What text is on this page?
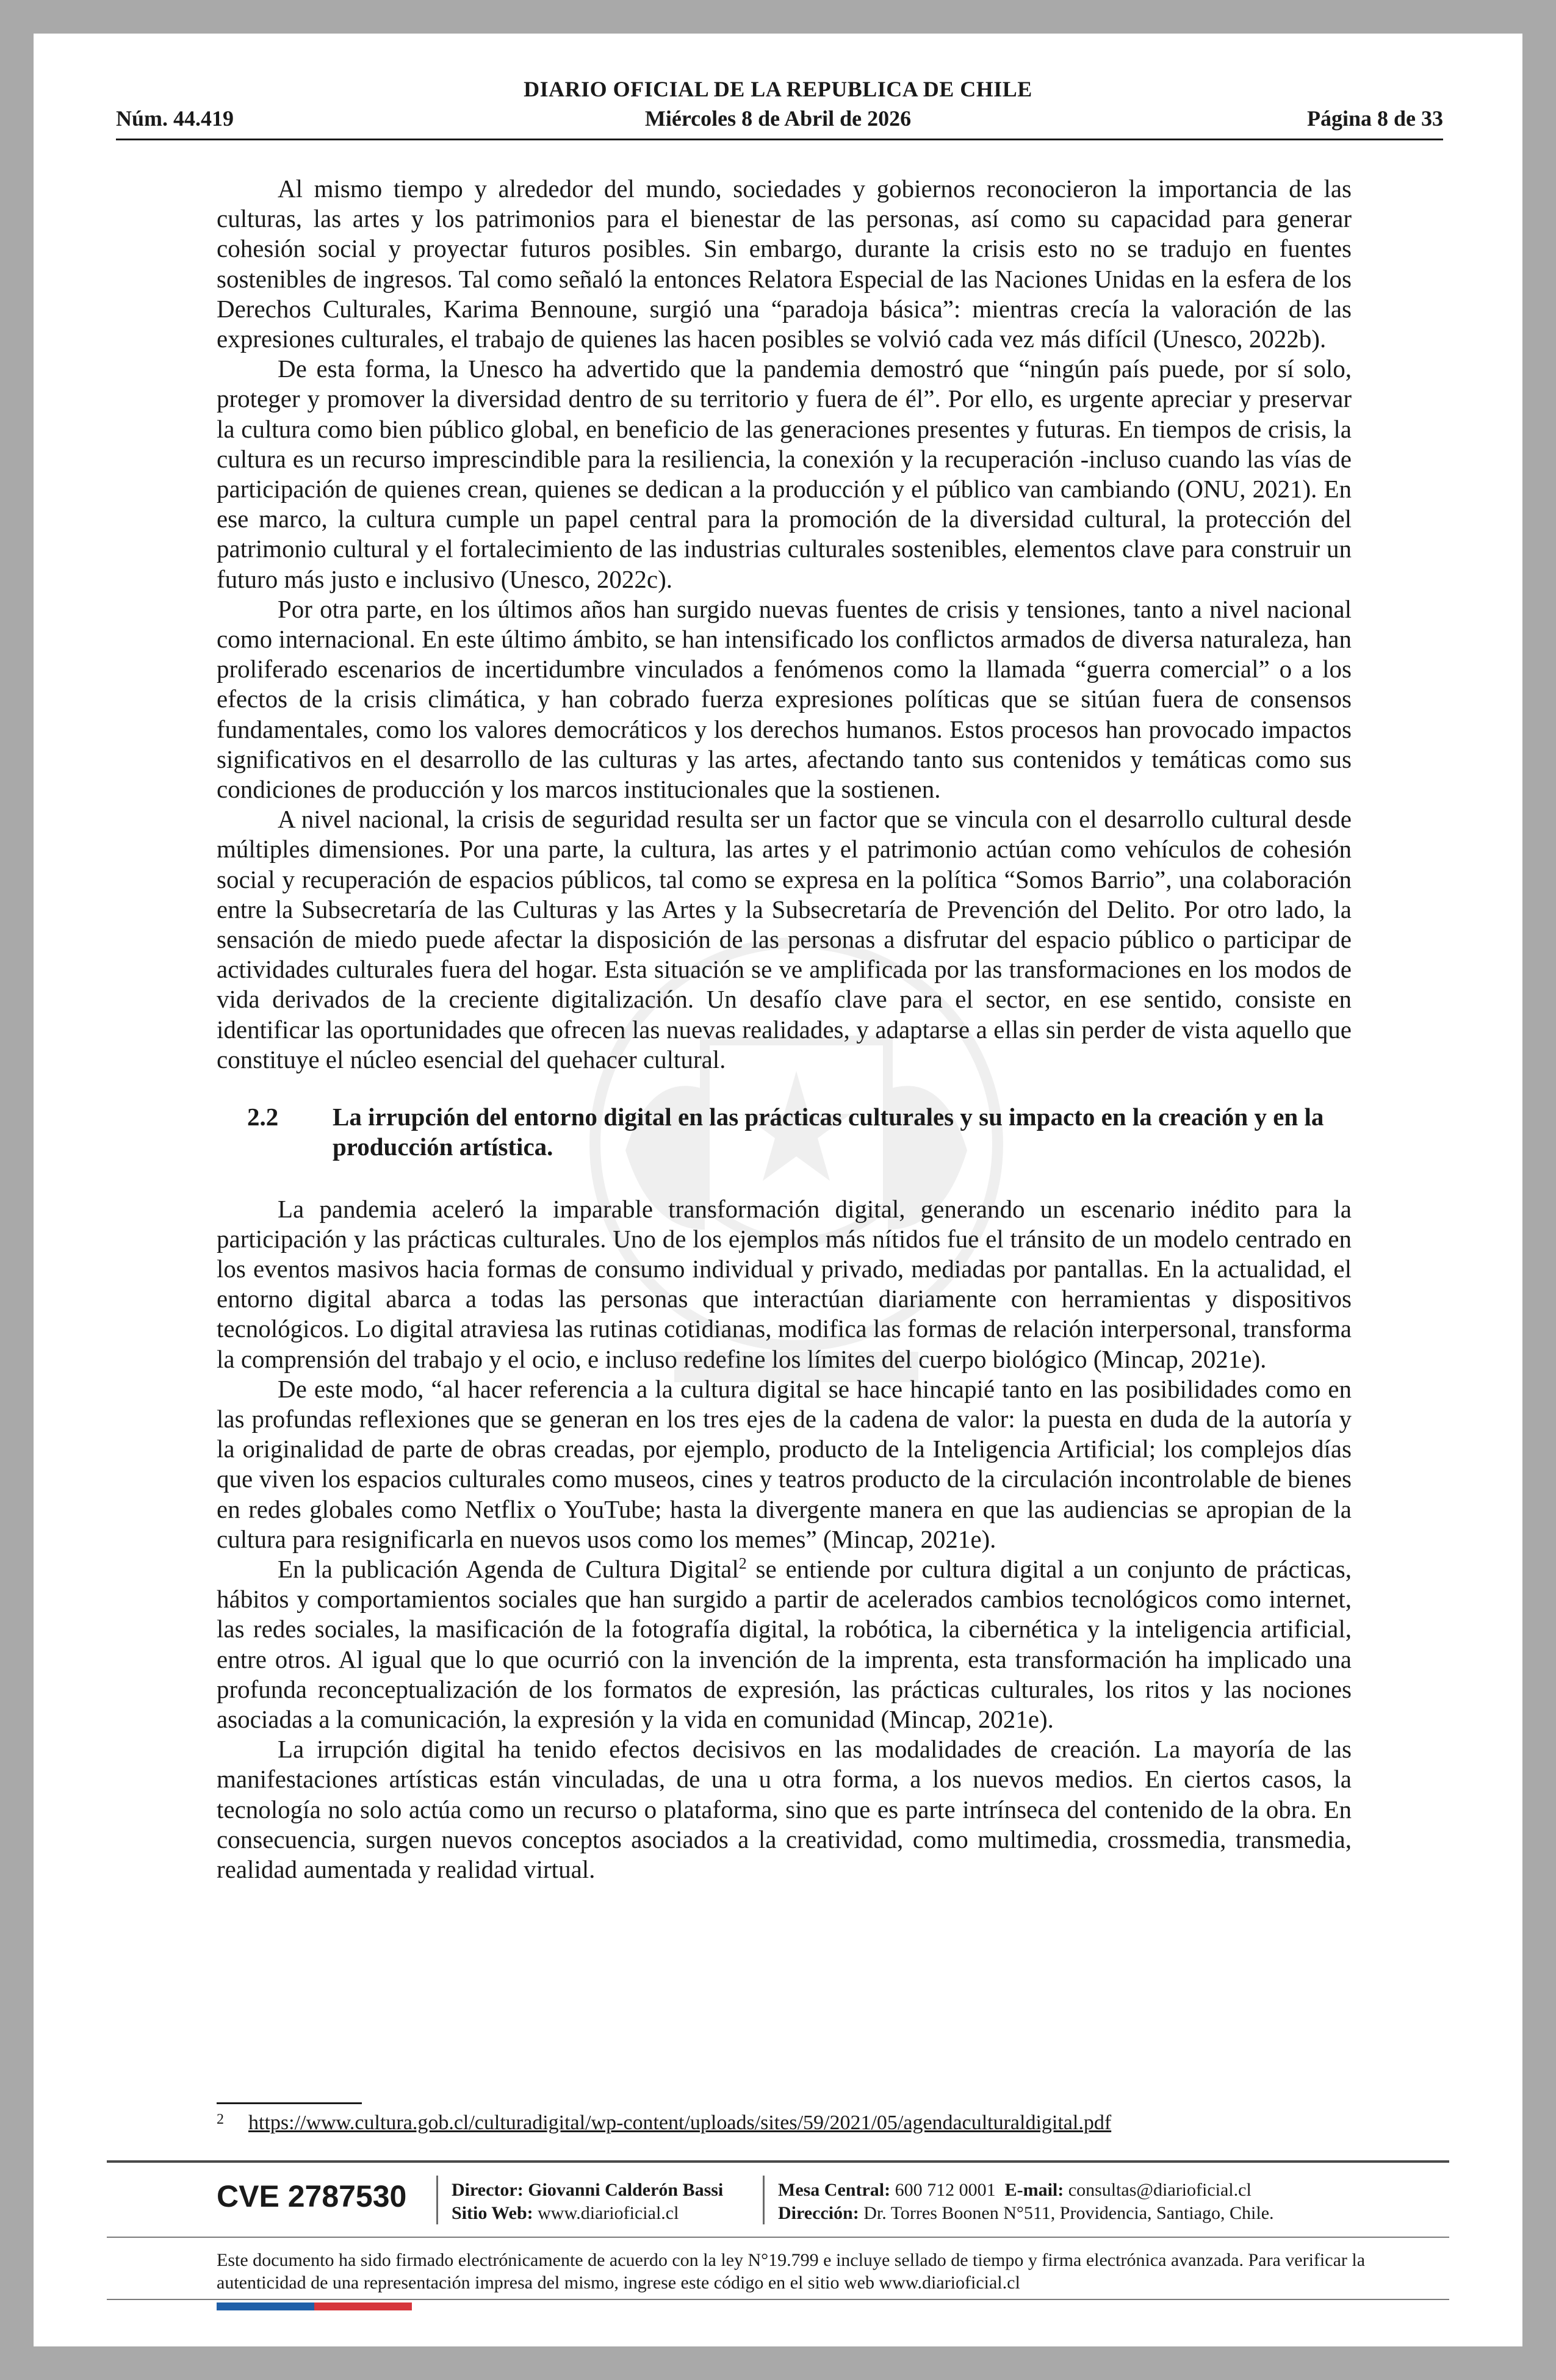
DIARIO OFICIAL DE LA REPUBLICA DE CHILE
Núm. 44.419	Miércoles 8 de Abril de 2026	Página 8 de 33

Al mismo tiempo y alrededor del mundo, sociedades y gobiernos reconocieron la importancia de las culturas, las artes y los patrimonios para el bienestar de las personas, así como su capacidad para generar cohesión social y proyectar futuros posibles. Sin embargo, durante la crisis esto no se tradujo en fuentes sostenibles de ingresos. Tal como señaló la entonces Relatora Especial de las Naciones Unidas en la esfera de los Derechos Culturales, Karima Bennoune, surgió una “paradoja básica”: mientras crecía la valoración de las expresiones culturales, el trabajo de quienes las hacen posibles se volvió cada vez más difícil (Unesco, 2022b).

De esta forma, la Unesco ha advertido que la pandemia demostró que “ningún país puede, por sí solo, proteger y promover la diversidad dentro de su territorio y fuera de él”. Por ello, es urgente apreciar y preservar la cultura como bien público global, en beneficio de las generaciones presentes y futuras. En tiempos de crisis, la cultura es un recurso imprescindible para la resiliencia, la conexión y la recuperación -incluso cuando las vías de participación de quienes crean, quienes se dedican a la producción y el público van cambiando (ONU, 2021). En ese marco, la cultura cumple un papel central para la promoción de la diversidad cultural, la protección del patrimonio cultural y el fortalecimiento de las industrias culturales sostenibles, elementos clave para construir un futuro más justo e inclusivo (Unesco, 2022c).

Por otra parte, en los últimos años han surgido nuevas fuentes de crisis y tensiones, tanto a nivel nacional como internacional. En este último ámbito, se han intensificado los conflictos armados de diversa naturaleza, han proliferado escenarios de incertidumbre vinculados a fenómenos como la llamada “guerra comercial” o a los efectos de la crisis climática, y han cobrado fuerza expresiones políticas que se sitúan fuera de consensos fundamentales, como los valores democráticos y los derechos humanos. Estos procesos han provocado impactos significativos en el desarrollo de las culturas y las artes, afectando tanto sus contenidos y temáticas como sus condiciones de producción y los marcos institucionales que la sostienen.

A nivel nacional, la crisis de seguridad resulta ser un factor que se vincula con el desarrollo cultural desde múltiples dimensiones. Por una parte, la cultura, las artes y el patrimonio actúan como vehículos de cohesión social y recuperación de espacios públicos, tal como se expresa en la política “Somos Barrio”, una colaboración entre la Subsecretaría de las Culturas y las Artes y la Subsecretaría de Prevención del Delito. Por otro lado, la sensación de miedo puede afectar la disposición de las personas a disfrutar del espacio público o participar de actividades culturales fuera del hogar. Esta situación se ve amplificada por las transformaciones en los modos de vida derivados de la creciente digitalización. Un desafío clave para el sector, en ese sentido, consiste en identificar las oportunidades que ofrecen las nuevas realidades, y adaptarse a ellas sin perder de vista aquello que constituye el núcleo esencial del quehacer cultural.

2.2	La irrupción del entorno digital en las prácticas culturales y su impacto en la creación y en la producción artística.

La pandemia aceleró la imparable transformación digital, generando un escenario inédito para la participación y las prácticas culturales. Uno de los ejemplos más nítidos fue el tránsito de un modelo centrado en los eventos masivos hacia formas de consumo individual y privado, mediadas por pantallas. En la actualidad, el entorno digital abarca a todas las personas que interactúan diariamente con herramientas y dispositivos tecnológicos. Lo digital atraviesa las rutinas cotidianas, modifica las formas de relación interpersonal, transforma la comprensión del trabajo y el ocio, e incluso redefine los límites del cuerpo biológico (Mincap, 2021e).

De este modo, “al hacer referencia a la cultura digital se hace hincapié tanto en las posibilidades como en las profundas reflexiones que se generan en los tres ejes de la cadena de valor: la puesta en duda de la autoría y la originalidad de parte de obras creadas, por ejemplo, producto de la Inteligencia Artificial; los complejos días que viven los espacios culturales como museos, cines y teatros producto de la circulación incontrolable de bienes en redes globales como Netflix o YouTube; hasta la divergente manera en que las audiencias se apropian de la cultura para resignificarla en nuevos usos como los memes” (Mincap, 2021e).

En la publicación Agenda de Cultura Digital$^2$ se entiende por cultura digital a un conjunto de prácticas, hábitos y comportamientos sociales que han surgido a partir de acelerados cambios tecnológicos como internet, las redes sociales, la masificación de la fotografía digital, la robótica, la cibernética y la inteligencia artificial, entre otros. Al igual que lo que ocurrió con la invención de la imprenta, esta transformación ha implicado una profunda reconceptualización de los formatos de expresión, las prácticas culturales, los ritos y las nociones asociadas a la comunicación, la expresión y la vida en comunidad (Mincap, 2021e).

La irrupción digital ha tenido efectos decisivos en las modalidades de creación. La mayoría de las manifestaciones artísticas están vinculadas, de una u otra forma, a los nuevos medios. En ciertos casos, la tecnología no solo actúa como un recurso o plataforma, sino que es parte intrínseca del contenido de la obra. En consecuencia, surgen nuevos conceptos asociados a la creatividad, como multimedia, crossmedia, transmedia, realidad aumentada y realidad virtual.

$^2$ https://www.cultura.gob.cl/culturadigital/wp-content/uploads/sites/59/2021/05/agendaculturaldigital.pdf
CVE 2787530 Director: Giovanni Calderón Bassi
Sitio Web: www.diarioficial.cl
Mesa Central: 600 712 0001 E-mail: consultas@diarioficial.cl
Dirección: Dr. Torres Boonen N°511, Providencia, Santiago, Chile.
Este documento ha sido firmado electrónicamente de acuerdo con la ley N°19.799 e incluye sellado de tiempo y firma electrónica avanzada. Para verificar la autenticidad de una representación impresa del mismo, ingrese este código en el sitio web www.diarioficial.cl
